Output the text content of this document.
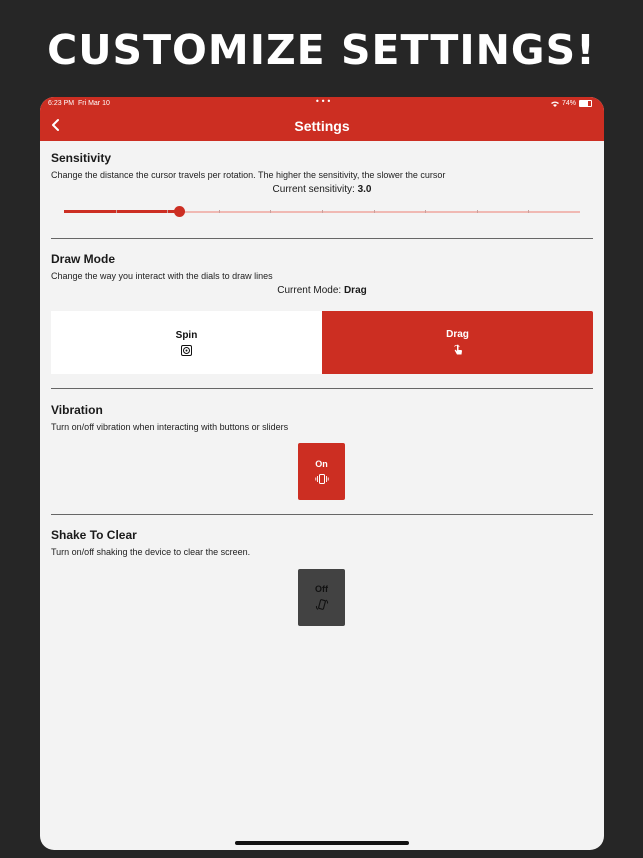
CUSTOMIZE SETTINGS!
6:23 PM Fri Mar 10	•••	74%
Settings

Sensitivity

Change the distance the cursor travels per rotation. The higher the sensitivity, the slower the cursor
Current sensitivity: 3.0

Draw Mode

Change the way you interact with the dials to draw lines
Current Mode: Drag
Spin	Drag

Vibration

Turn on/off vibration when interacting with buttons or sliders
On

Shake To Clear

Turn on/off shaking the device to clear the screen.
Off
